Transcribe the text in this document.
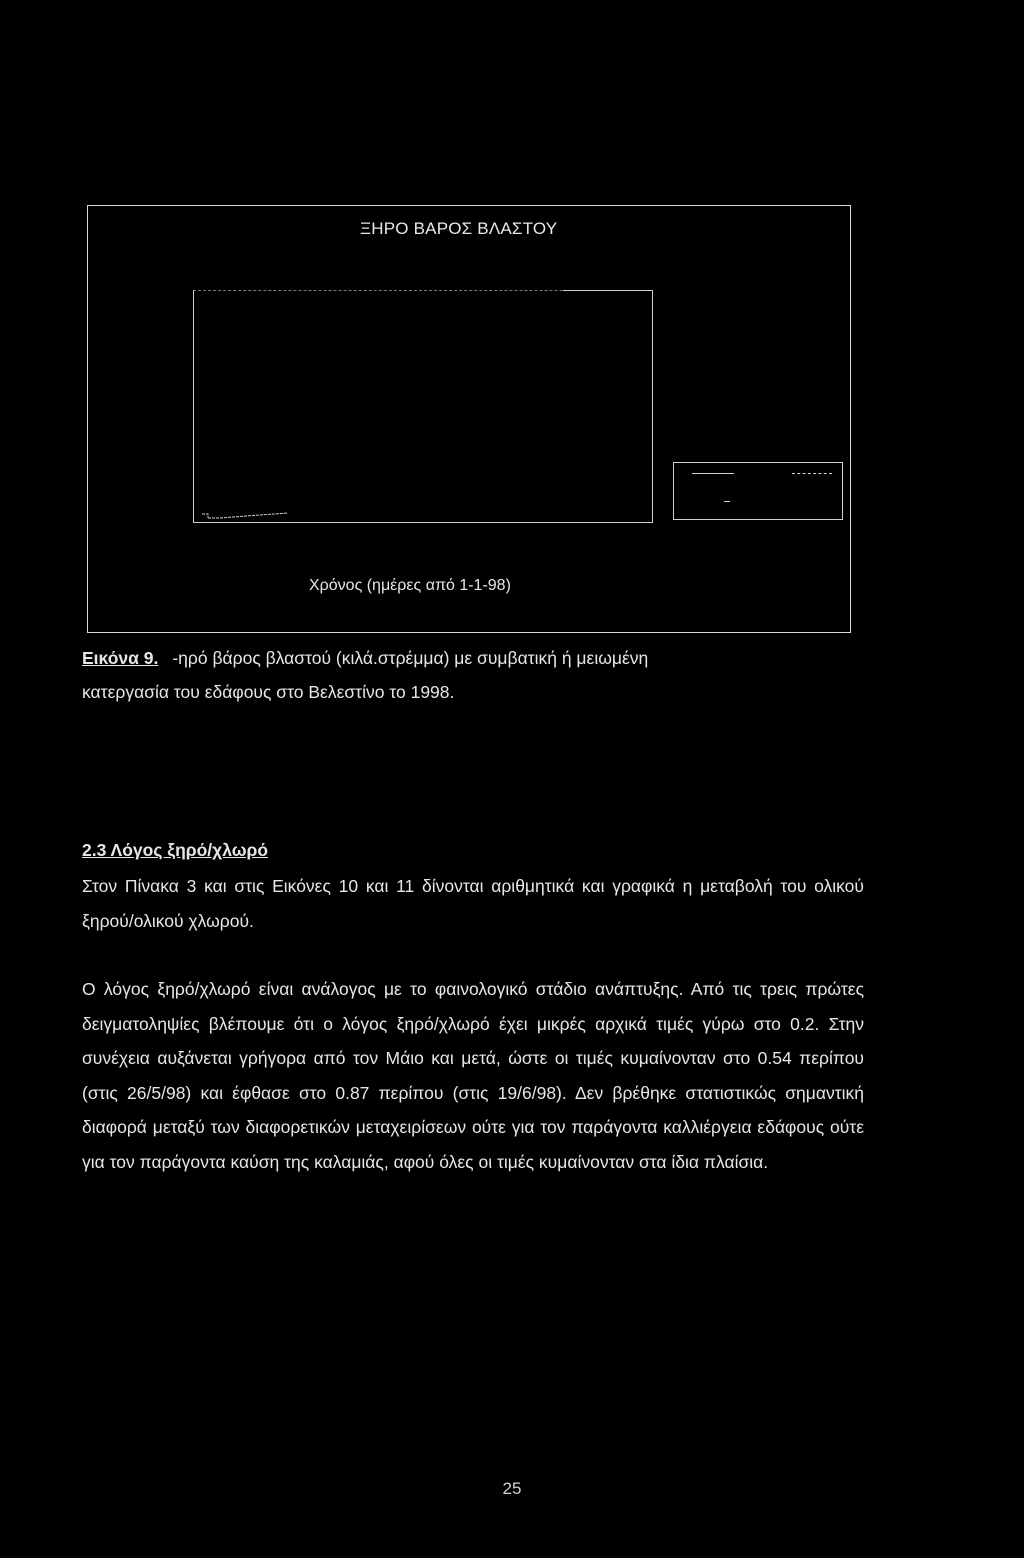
ΞΗΡΟ ΒΑΡΟΣ ΒΛΑΣΤΟΥ
Χρόνος (ημέρες από 1-1-98)
Εικόνα 9. -ηρό βάρος βλαστού (κιλά.στρέμμα) με συμβατική ή μειωμένη
κατεργασία του εδάφους στο Βελεστίνο το 1998.

2.3 Λόγος ξηρό/χλωρό

Στον Πίνακα 3 και στις Εικόνες 10 και 11 δίνονται αριθμητικά και γραφικά η μεταβολή του ολικού ξηρού/ολικού χλωρού.

Ο λόγος ξηρό/χλωρό είναι ανάλογος με το φαινολογικό στάδιο ανάπτυξης. Από τις τρεις πρώτες δειγματοληψίες βλέπουμε ότι ο λόγος ξηρό/χλωρό έχει μικρές αρχικά τιμές γύρω στο 0.2. Στην συνέχεια αυξάνεται γρήγορα από τον Μάιο και μετά, ώστε οι τιμές κυμαίνονταν στο 0.54 περίπου (στις 26/5/98) και έφθασε στο 0.87 περίπου (στις 19/6/98). Δεν βρέθηκε στατιστικώς σημαντική διαφορά μεταξύ των διαφορετικών μεταχειρίσεων ούτε για τον παράγοντα καλλιέργεια εδάφους ούτε για τον παράγοντα καύση της καλαμιάς, αφού όλες οι τιμές κυμαίνονταν στα ίδια πλαίσια.

25
